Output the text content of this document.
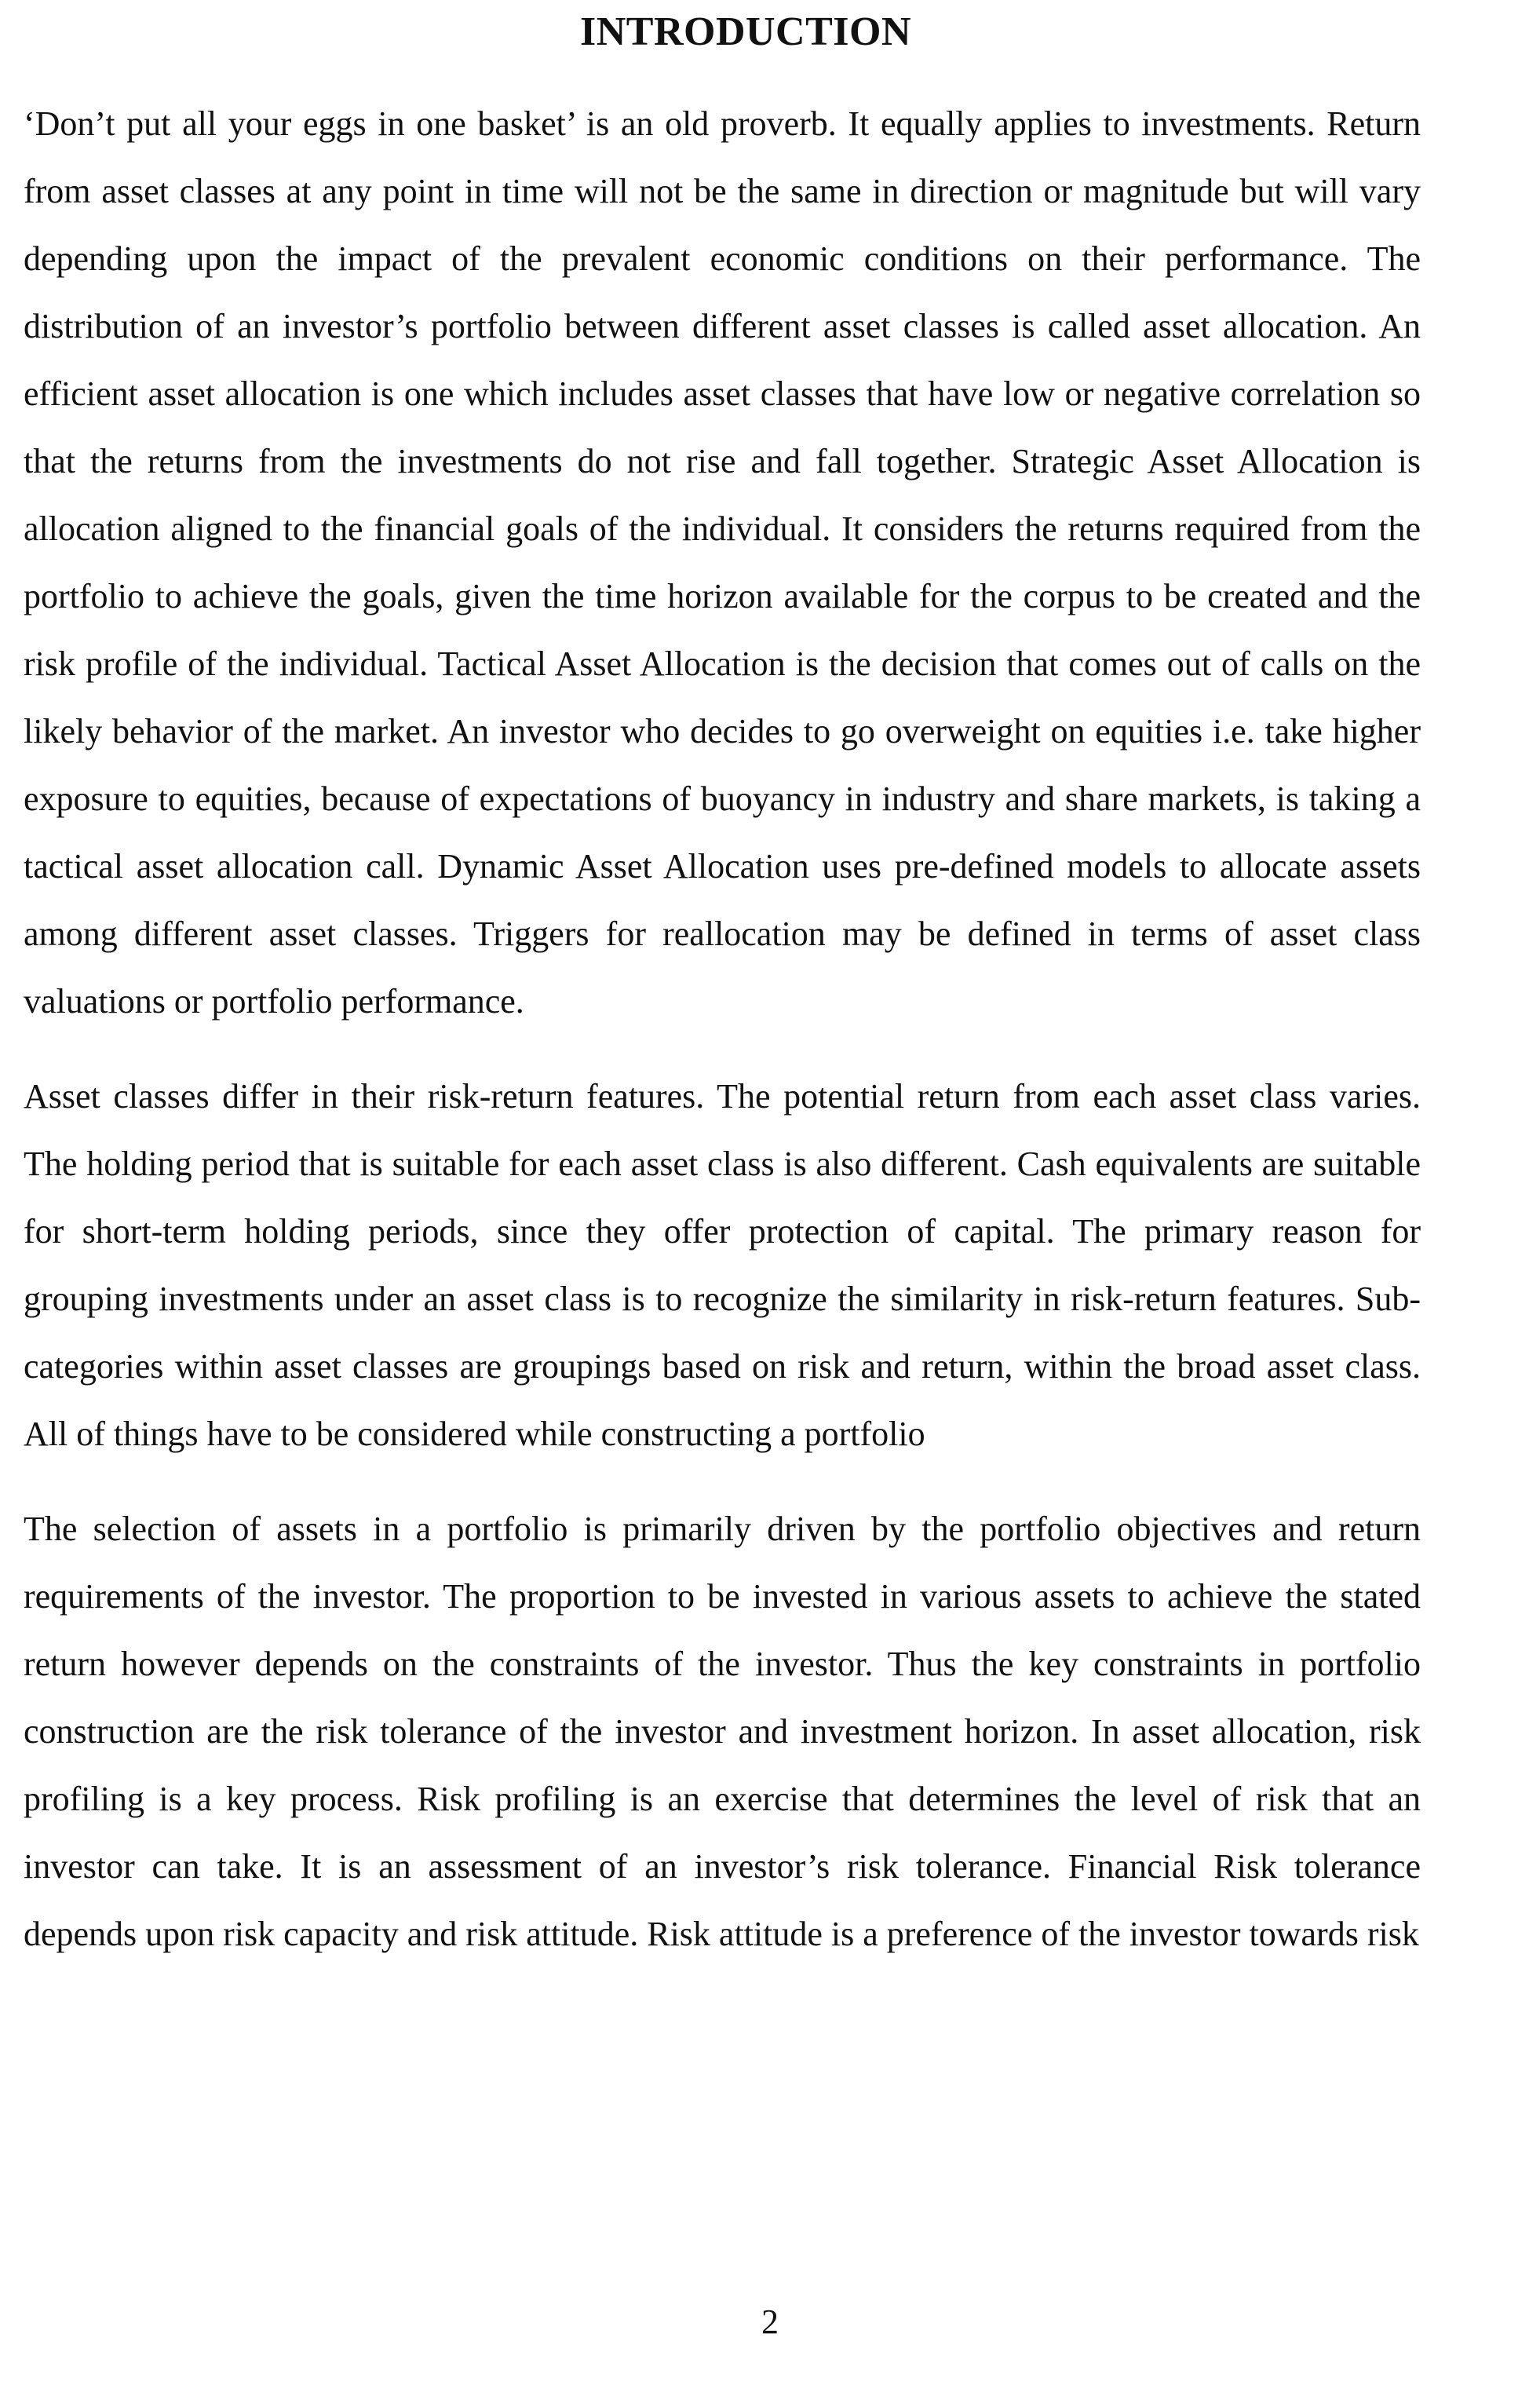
INTRODUCTION

‘Don’t put all your eggs in one basket’ is an old proverb. It equally applies to investments. Return from asset classes at any point in time will not be the same in direction or magnitude but will vary depending upon the impact of the prevalent economic conditions on their performance. The distribution of an investor’s portfolio between different asset classes is called asset allocation. An efficient asset allocation is one which includes asset classes that have low or negative correlation so that the returns from the investments do not rise and fall together. Strategic Asset Allocation is allocation aligned to the financial goals of the individual. It considers the returns required from the portfolio to achieve the goals, given the time horizon available for the corpus to be created and the risk profile of the individual. Tactical Asset Allocation is the decision that comes out of calls on the likely behavior of the market. An investor who decides to go overweight on equities i.e. take higher exposure to equities, because of expectations of buoyancy in industry and share markets, is taking a tactical asset allocation call. Dynamic Asset Allocation uses pre-defined models to allocate assets among different asset classes. Triggers for reallocation may be defined in terms of asset class valuations or portfolio performance.

Asset classes differ in their risk-return features. The potential return from each asset class varies. The holding period that is suitable for each asset class is also different. Cash equivalents are suitable for short-term holding periods, since they offer protection of capital. The primary reason for grouping investments under an asset class is to recognize the similarity in risk-return features. Sub-categories within asset classes are groupings based on risk and return, within the broad asset class. All of things have to be considered while constructing a portfolio

The selection of assets in a portfolio is primarily driven by the portfolio objectives and return requirements of the investor. The proportion to be invested in various assets to achieve the stated return however depends on the constraints of the investor. Thus the key constraints in portfolio construction are the risk tolerance of the investor and investment horizon. In asset allocation, risk profiling is a key process. Risk profiling is an exercise that determines the level of risk that an investor can take. It is an assessment of an investor’s risk tolerance. Financial Risk tolerance depends upon risk capacity and risk attitude. Risk attitude is a preference of the investor towards risk

2
